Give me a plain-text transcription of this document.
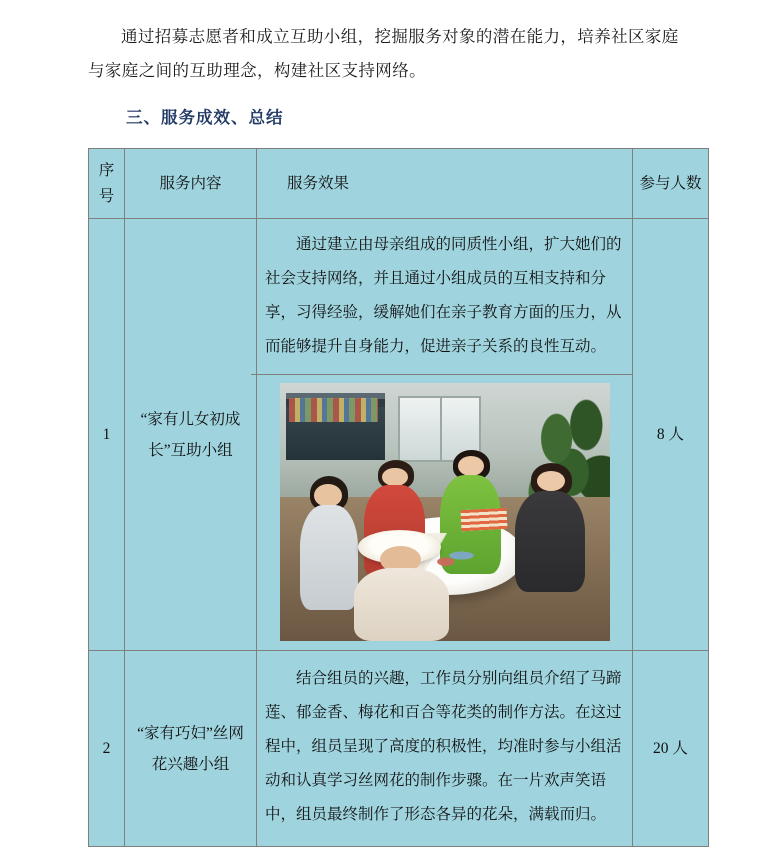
通过招募志愿者和成立互助小组，挖掘服务对象的潜在能力，培养社区家庭与家庭之间的互助理念，构建社区支持网络。

三、服务成效、总结
序号	服务内容	服务效果	参与人数
1	“家有儿女初成长”互助小组	通过建立由母亲组成的同质性小组，扩大她们的社会支持网络，并且通过小组成员的互相支持和分享，习得经验，缓解她们在亲子教育方面的压力，从而能够提升自身能力，促进亲子关系的良性互动。	8 人
2	“家有巧妇”丝网花兴趣小组	结合组员的兴趣，工作员分别向组员介绍了马蹄莲、郁金香、梅花和百合等花类的制作方法。在这过程中，组员呈现了高度的积极性，均准时参与小组活动和认真学习丝网花的制作步骤。在一片欢声笑语中，组员最终制作了形态各异的花朵，满载而归。	20 人
